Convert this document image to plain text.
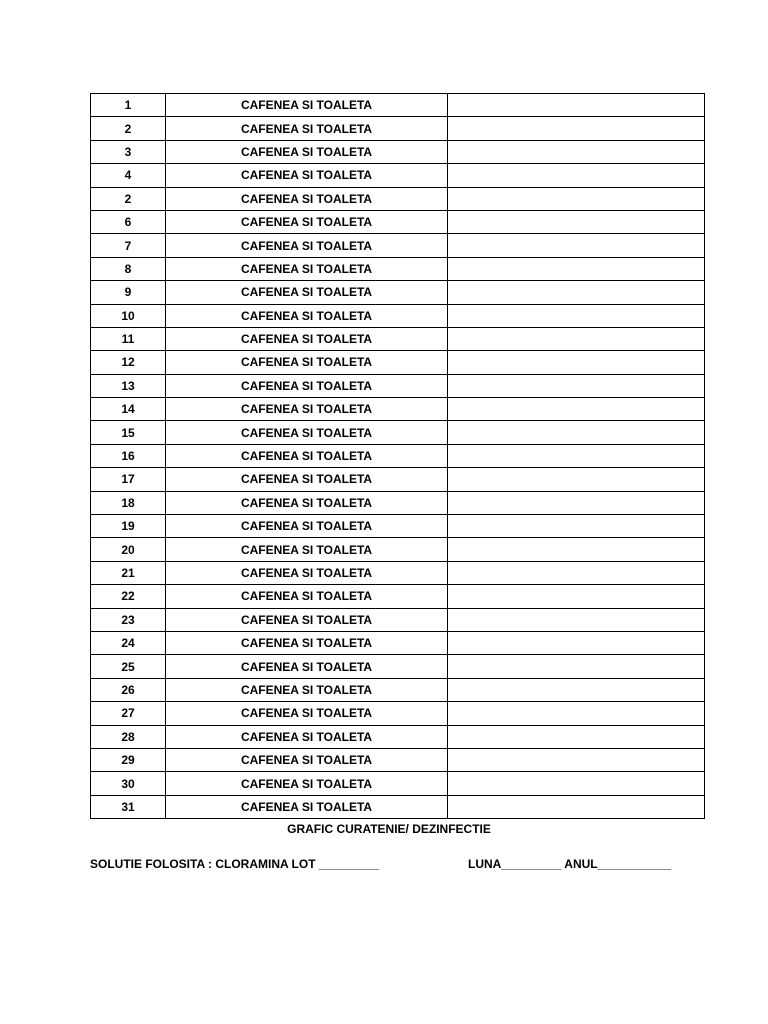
1	CAFENEA SI TOALETA	
2	CAFENEA SI TOALETA	
3	CAFENEA SI TOALETA	
4	CAFENEA SI TOALETA	
2	CAFENEA SI TOALETA	
6	CAFENEA SI TOALETA	
7	CAFENEA SI TOALETA	
8	CAFENEA SI TOALETA	
9	CAFENEA SI TOALETA	
10	CAFENEA SI TOALETA	
11	CAFENEA SI TOALETA	
12	CAFENEA SI TOALETA	
13	CAFENEA SI TOALETA	
14	CAFENEA SI TOALETA	
15	CAFENEA SI TOALETA	
16	CAFENEA SI TOALETA	
17	CAFENEA SI TOALETA	
18	CAFENEA SI TOALETA	
19	CAFENEA SI TOALETA	
20	CAFENEA SI TOALETA	
21	CAFENEA SI TOALETA	
22	CAFENEA SI TOALETA	
23	CAFENEA SI TOALETA	
24	CAFENEA SI TOALETA	
25	CAFENEA SI TOALETA	
26	CAFENEA SI TOALETA	
27	CAFENEA SI TOALETA	
28	CAFENEA SI TOALETA	
29	CAFENEA SI TOALETA	
30	CAFENEA SI TOALETA	
31	CAFENEA SI TOALETA	
GRAFIC CURATENIE/ DEZINFECTIE
SOLUTIE FOLOSITA : CLORAMINA LOT _________	LUNA_________ ANUL___________
